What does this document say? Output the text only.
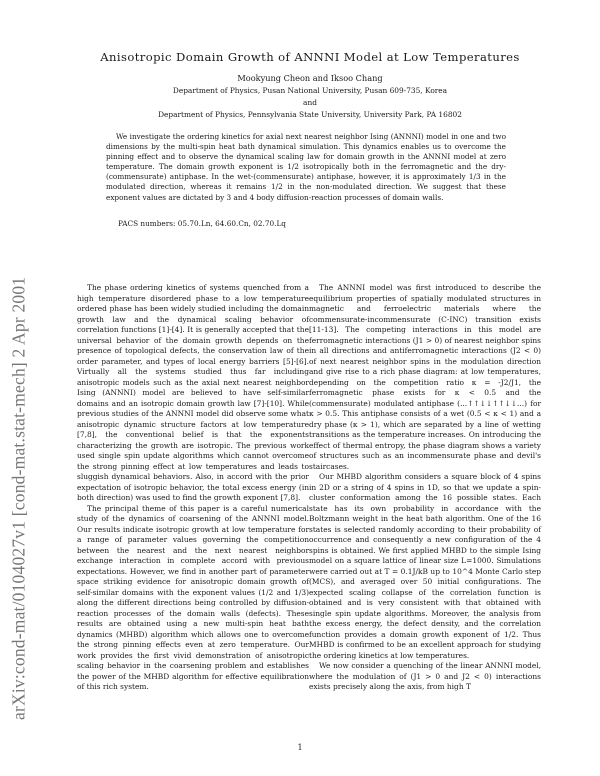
arXiv:cond-mat/0104027v1 [cond-mat.stat-mech] 2 Apr 2001
Anisotropic Domain Growth of ANNNI Model at Low Temperatures
Mookyung Cheon and Iksoo Chang
Department of Physics, Pusan National University, Pusan 609-735, Korea
and
Department of Physics, Pennsylvania State University, University Park, PA 16802
We investigate the ordering kinetics for axial next nearest neighbor Ising (ANNNI) model in one and two dimensions by the multi-spin heat bath dynamical simulation. This dynamics enables us to overcome the pinning effect and to observe the dynamical scaling law for domain growth in the ANNNI model at zero temperature. The domain growth exponent is 1/2 isotropically both in the ferromagnetic and the dry-(commensurate) antiphase. In the wet-(commensurate) antiphase, however, it is approximately 1/3 in the modulated direction, whereas it remains 1/2 in the non-modulated direction. We suggest that these exponent values are dictated by 3 and 4 body diffusion-reaction processes of domain walls.
PACS numbers: 05.70.Ln, 64.60.Cn, 02.70.Lq

The phase ordering kinetics of systems quenched from a high temperature disordered phase to a low temperature ordered phase has been widely studied including the domain growth law and the dynamical scaling behavior of correlation functions [1]-[4]. It is generally accepted that the universal behavior of the domain growth depends on the presence of topological defects, the conservation law of the order parameter, and types of local energy barriers [5]-[6]. Virtually all the systems studied thus far including anisotropic models such as the axial next nearest neighbor Ising (ANNNI) model are believed to have self-similar domains and an isotropic domain growth law [7]-[10]. While previous studies of the ANNNI model did observe some what anisotropic dynamic structure factors at low temperature [7,8], the conventional belief is that the exponents characterizing the growth are isotropic. The previous work used single spin update algorithms which cannot overcome the strong pinning effect at low temperatures and leads to sluggish dynamical behaviors. Also, in accord with the prior expectation of isotropic behavior, the total excess energy (in both direction) was used to find the growth exponent [7,8].

The principal theme of this paper is a careful numerical study of the dynamics of coarsening of the ANNNI model. Our results indicate isotropic growth at low temperature for a range of parameter values governing the competition between the nearest and the next nearest neighbor exchange interaction in complete accord with previous expectations. However, we find in another part of parameter space striking evidence for anisotropic domain growth of self-similar domains with the exponent values (1/2 and 1/3) along the different directions being controlled by diffusion-reaction processes of the domain walls (defects). These results are obtained using a new multi-spin heat bath dynamics (MHBD) algorithm which allows one to overcome the strong pinning effects even at zero temperature. Our work provides the first vivid demonstration of anisotropic scaling behavior in the coarsening problem and establishes the power of the MHBD algorithm for effective equilibration of this rich system.

The ANNNI model was first introduced to describe the equilibrium properties of spatially modulated structures in magnetic and ferroelectric materials where the commensurate-incommensurate (C-INC) transition exists [11-13]. The competing interactions in this model are ferromagnetic interactions (J1 > 0) of nearest neighbor spins in all directions and antiferromagnetic interactions (J2 < 0) of next nearest neighbor spins in the modulation direction and give rise to a rich phase diagram: at low temperatures, depending on the competition ratio κ = -J2/J1, the ferromagnetic phase exists for κ < 0.5 and the (commensurate) modulated antiphase (...↑↑↓↓↑↑↓↓...) for κ > 0.5. This antiphase consists of a wet (0.5 < κ < 1) and a dry phase (κ > 1), which are separated by a line of wetting transitions as the temperature increases. On introducing the effect of thermal entropy, the phase diagram shows a variety of structures such as an incommensurate phase and devil's staircases.

Our MHBD algorithm considers a square block of 4 spins in 2D or a string of 4 spins in 1D, so that we update a spin-cluster conformation among the 16 possible states. Each state has its own probability in accordance with the Boltzmann weight in the heat bath algorithm. One of the 16 states is selected randomly according to their probability of occurrence and consequently a new configuration of the 4 spins is obtained. We first applied MHBD to the simple Ising model on a square lattice of linear size L=1000. Simulations were carried out at T = 0.1J/kB up to 10^4 Monte Carlo step (MCS), and averaged over 50 initial configurations. The expected scaling collapse of the correlation function is obtained and is very consistent with that obtained with single spin update algorithms. Moreover, the analysis from the excess energy, the defect density, and the correlation function provides a domain growth exponent of 1/2. Thus MHBD is confirmed to be an excellent approach for studying the ordering kinetics at low temperatures.

We now consider a quenching of the linear ANNNI model, where the modulation of (J1 > 0 and J2 < 0) interactions exists precisely along the axis, from high T

1
